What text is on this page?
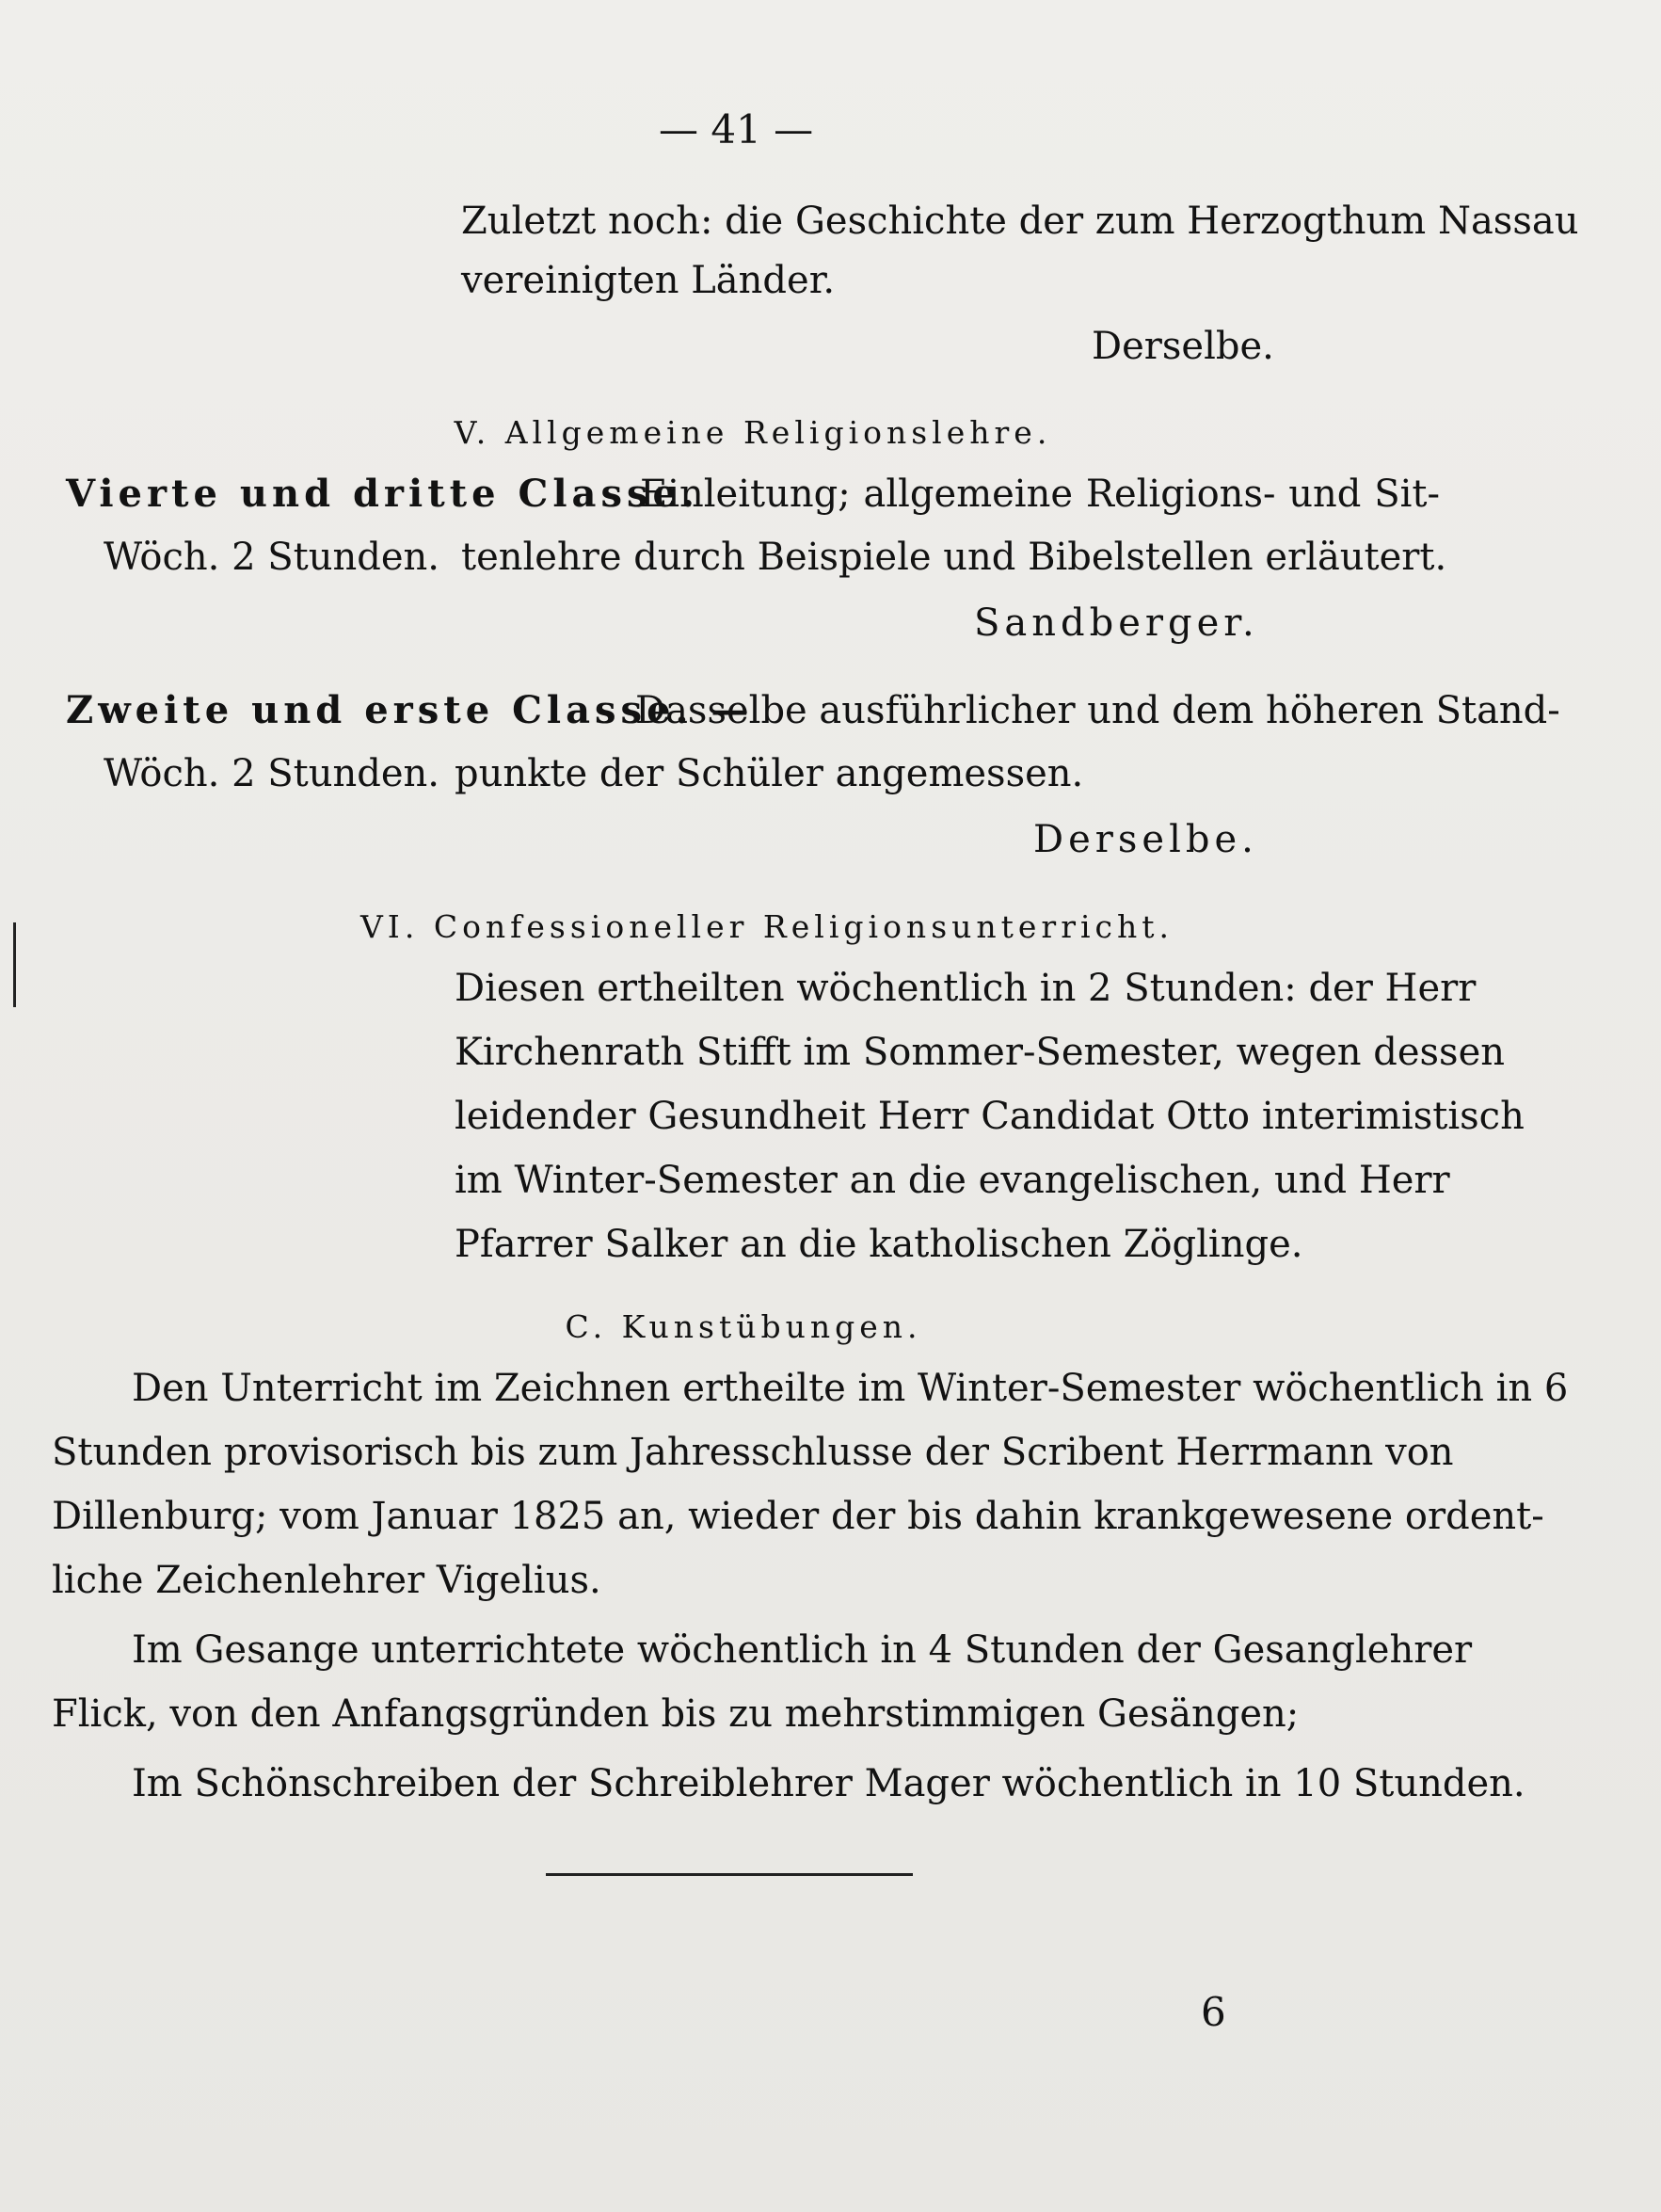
— 41 —
Zuletzt noch: die Geschichte der zum Herzogthum Nassau
vereinigten Länder.
Derselbe.
V. Allgemeine Religionslehre.
Vierte und dritte Classe.
Einleitung; allgemeine Religions- und Sit-
Wöch. 2 Stunden. tenlehre durch Beispiele und Bibelstellen erläutert.
Sandberger.
Zweite und erste Classe. —
Dasselbe ausführlicher und dem höheren Stand-
Wöch. 2 Stunden. punkte der Schüler angemessen.
Derselbe.
VI. Confessioneller Religionsunterricht.
Diesen ertheilten wöchentlich in 2 Stunden: der Herr
Kirchenrath Stifft im Sommer-Semester, wegen dessen
leidender Gesundheit Herr Candidat Otto interimistisch
im Winter-Semester an die evangelischen, und Herr
Pfarrer Salker an die katholischen Zöglinge.
C. Kunstübungen.
Den Unterricht im Zeichnen ertheilte im Winter-Semester wöchentlich in 6
Stunden provisorisch bis zum Jahresschlusse der Scribent Herrmann von
Dillenburg; vom Januar 1825 an, wieder der bis dahin krankgewesene ordent-
liche Zeichenlehrer Vigelius.
Im Gesange unterrichtete wöchentlich in 4 Stunden der Gesanglehrer
Flick, von den Anfangsgründen bis zu mehrstimmigen Gesängen;
Im Schönschreiben der Schreiblehrer Mager wöchentlich in 10 Stunden.
6
